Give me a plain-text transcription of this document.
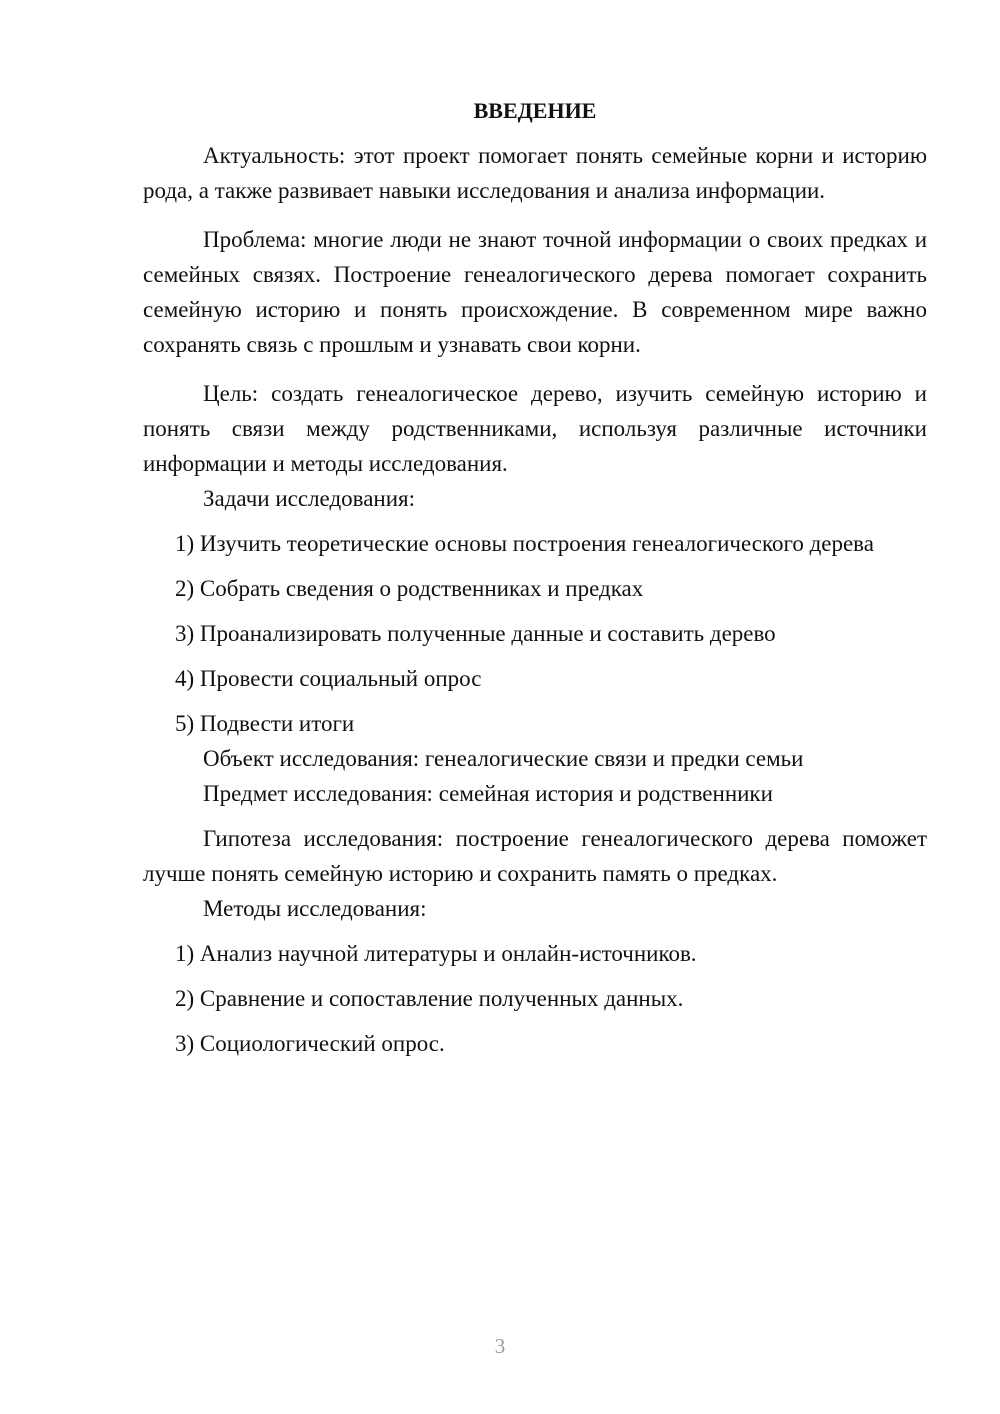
ВВЕДЕНИЕ

Актуальность: этот проект помогает понять семейные корни и историю рода, а также развивает навыки исследования и анализа информации.

Проблема: многие люди не знают точной информации о своих предках и семейных связях. Построение генеалогического дерева помогает сохранить семейную историю и понять происхождение. В современном мире важно сохранять связь с прошлым и узнавать свои корни.

Цель: создать генеалогическое дерево, изучить семейную историю и понять связи между родственниками, используя различные источники информации и методы исследования.

Задачи исследования:

1) Изучить теоретические основы построения генеалогического дерева

2) Собрать сведения о родственниках и предках

3) Проанализировать полученные данные и составить дерево

4) Провести социальный опрос

5) Подвести итоги

Объект исследования: генеалогические связи и предки семьи

Предмет исследования: семейная история и родственники

Гипотеза исследования: построение генеалогического дерева поможет лучше понять семейную историю и сохранить память о предках.

Методы исследования:

1) Анализ научной литературы и онлайн-источников.

2) Сравнение и сопоставление полученных данных.

3) Социологический опрос.

3
